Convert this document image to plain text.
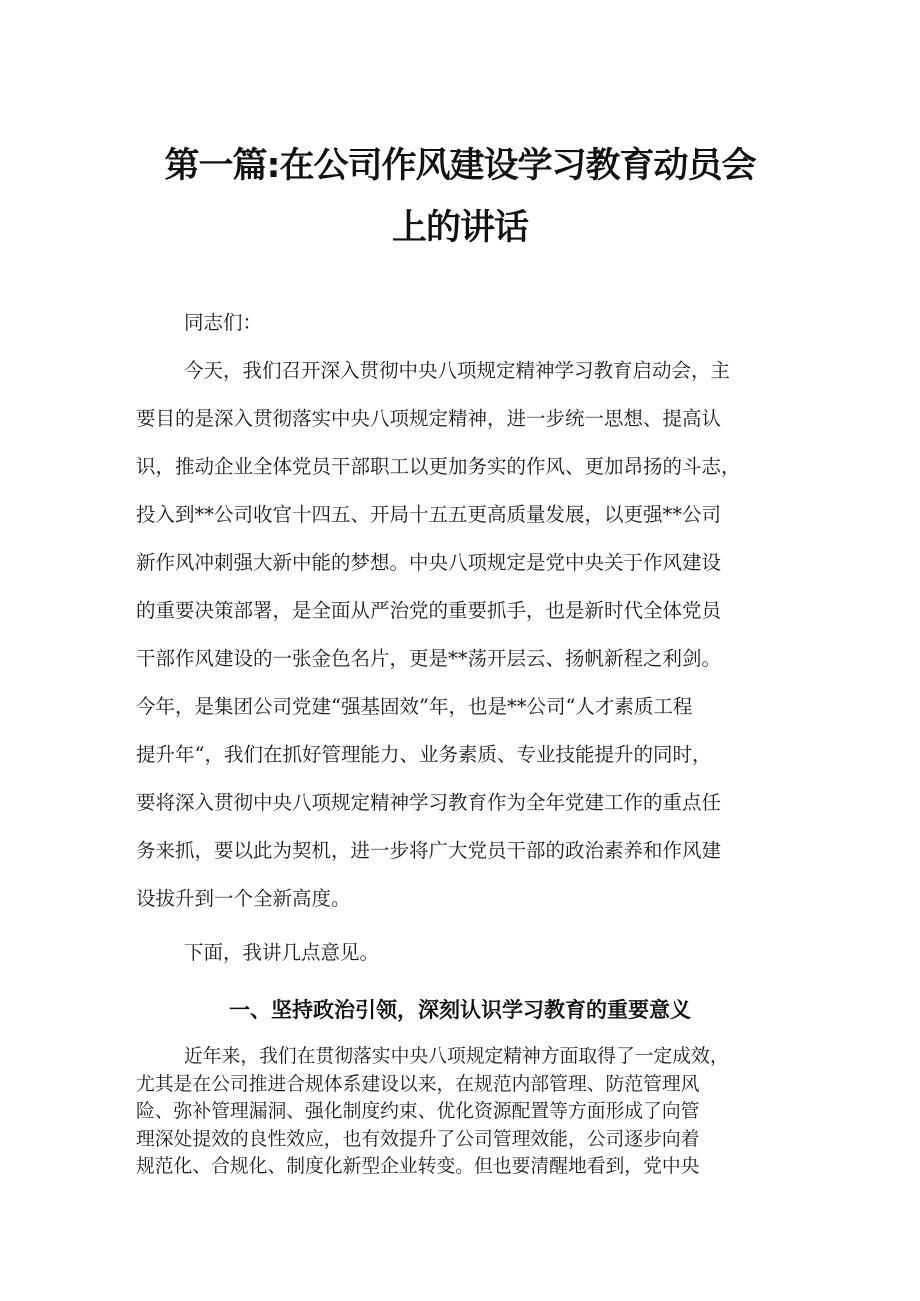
第一篇:在公司作风建设学习教育动员会
上的讲话
同志们：
今天，我们召开深入贯彻中央八项规定精神学习教育启动会，主
要目的是深入贯彻落实中央八项规定精神，进一步统一思想、提高认
识，推动企业全体党员干部职工以更加务实的作风、更加昂扬的斗志，
投入到**公司收官十四五、开局十五五更高质量发展，以更强**公司
新作风冲刺强大新中能的梦想。中央八项规定是党中央关于作风建设
的重要决策部署，是全面从严治党的重要抓手，也是新时代全体党员
干部作风建设的一张金色名片，更是**荡开层云、扬帆新程之利剑。
今年，是集团公司党建“强基固效”年，也是**公司“人才素质工程
提升年“，我们在抓好管理能力、业务素质、专业技能提升的同时，
要将深入贯彻中央八项规定精神学习教育作为全年党建工作的重点任
务来抓，要以此为契机，进一步将广大党员干部的政治素养和作风建
设拔升到一个全新高度。
下面，我讲几点意见。
一、坚持政治引领，深刻认识学习教育的重要意义
近年来，我们在贯彻落实中央八项规定精神方面取得了一定成效，
尤其是在公司推进合规体系建设以来，在规范内部管理、防范管理风
险、弥补管理漏洞、强化制度约束、优化资源配置等方面形成了向管
理深处提效的良性效应，也有效提升了公司管理效能，公司逐步向着
规范化、合规化、制度化新型企业转变。但也要清醒地看到，党中央
